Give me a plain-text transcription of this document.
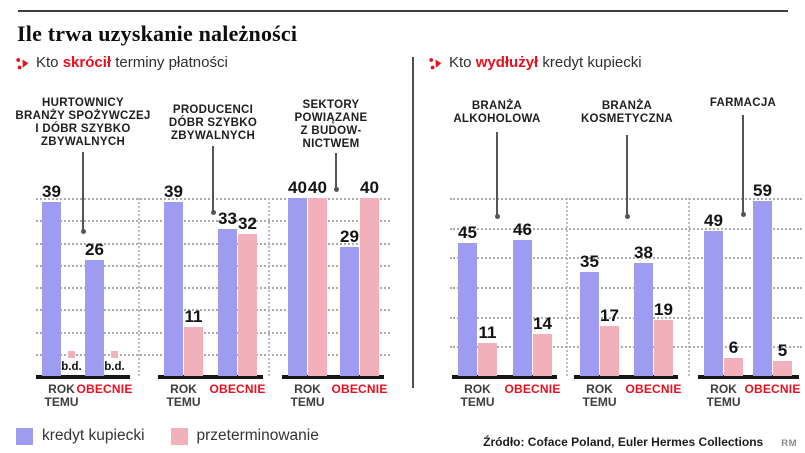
Ile trwa uzyskanie należności
Kto skrócił terminy płatności	Kto wydłużył kredyt kupiecki
HURTOWNICY
BRANŻY SPOŻYWCZEJ
I DÓBR SZYBKO
ZBYWALNYCH
39
b.d.
ROK
TEMU
26
b.d.
OBECNIE
PRODUCENCI
DÓBR SZYBKO
ZBYWALNYCH
39
11
ROK
TEMU
33 32
OBECNIE
SEKTORY
POWIĄZANE
Z BUDOW-
NICTWEM
40 40
ROK
TEMU
29
40
OBECNIE
BRANŻA
ALKOHOLOWA
45
11
ROK
TEMU
46
14
OBECNIE
BRANŻA
KOSMETYCZNA
35
17
ROK
TEMU
38
19
OBECNIE
FARMACJA
49
6
ROK
TEMU
59
5
OBECNIE
kredyt kupiecki	przeterminowanie	Źródło: Coface Poland, Euler Hermes Collections RM
